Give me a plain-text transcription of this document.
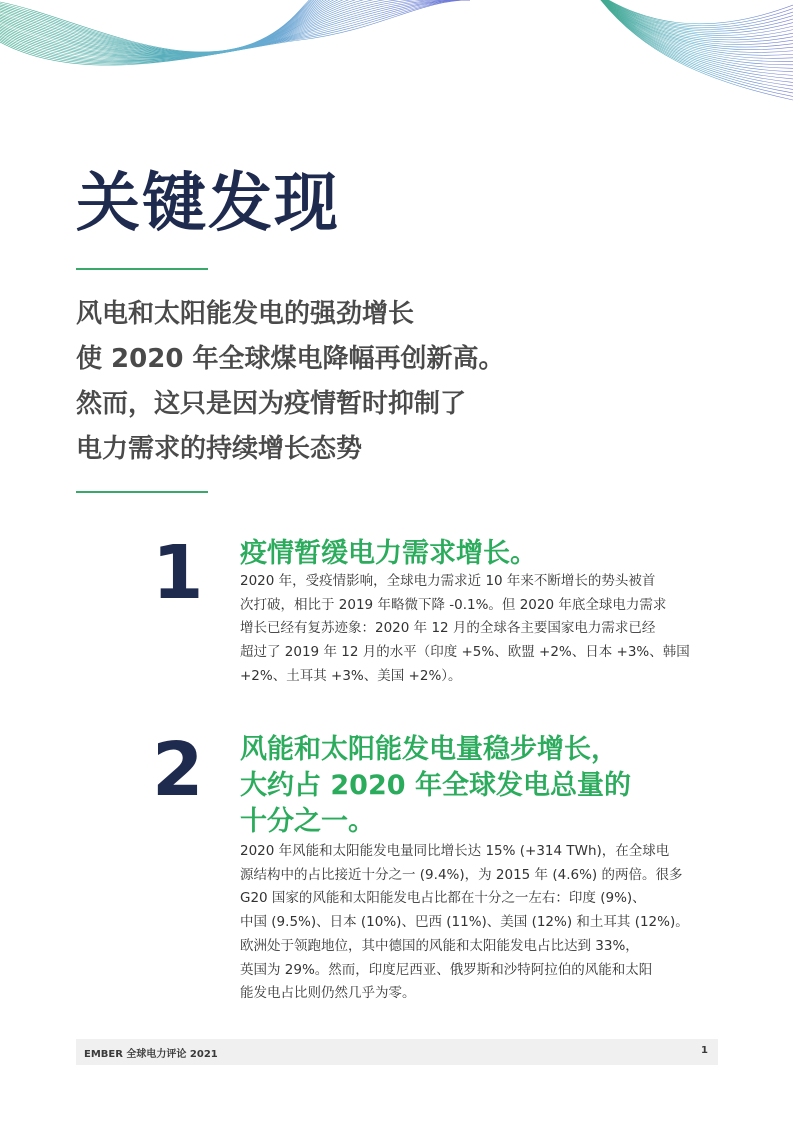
关键发现
风电和太阳能发电的强劲增长
使 2020 年全球煤电降幅再创新高。
然而，这只是因为疫情暂时抑制了
电力需求的持续增长态势
1 疫情暂缓电力需求增长。
2020 年，受疫情影响，全球电力需求近 10 年来不断增长的势头被首
次打破，相比于 2019 年略微下降 -0.1%。但 2020 年底全球电力需求
增长已经有复苏迹象：2020 年 12 月的全球各主要国家电力需求已经
超过了 2019 年 12 月的水平（印度 +5%、欧盟 +2%、日本 +3%、韩国
+2%、土耳其 +3%、美国 +2%）。
2 风能和太阳能发电量稳步增长，
大约占 2020 年全球发电总量的
十分之一。
2020 年风能和太阳能发电量同比增长达 15% (+314 TWh)，在全球电
源结构中的占比接近十分之一 (9.4%)，为 2015 年 (4.6%) 的两倍。很多
G20 国家的风能和太阳能发电占比都在十分之一左右：印度 (9%)、
中国 (9.5%)、日本 (10%)、巴西 (11%)、美国 (12%) 和土耳其 (12%)。
欧洲处于领跑地位，其中德国的风能和太阳能发电占比达到 33%，
英国为 29%。然而，印度尼西亚、俄罗斯和沙特阿拉伯的风能和太阳
能发电占比则仍然几乎为零。
EMBER 全球电力评论 2021	1
